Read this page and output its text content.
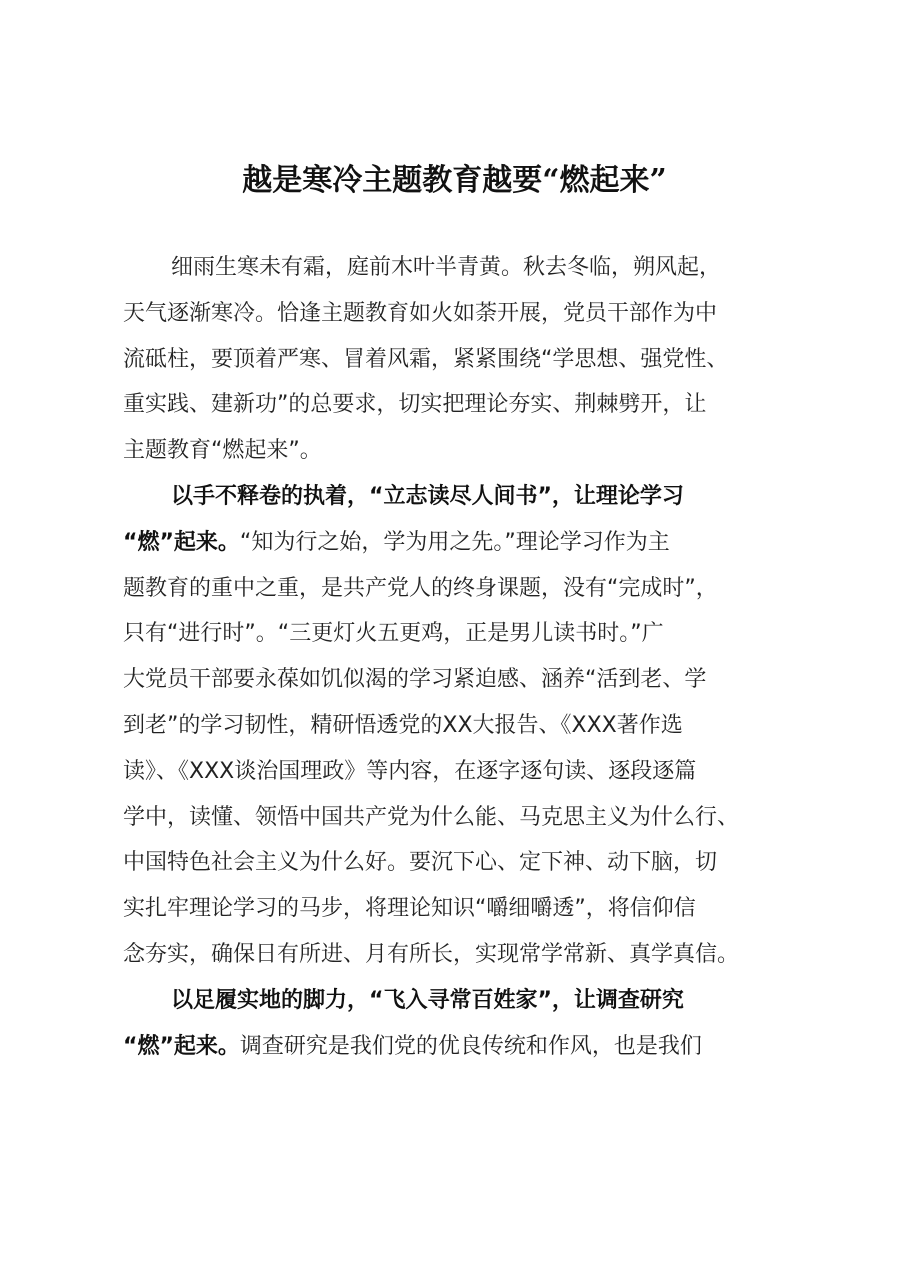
越是寒冷主题教育越要“燃起来”
细雨生寒未有霜，庭前木叶半青黄。秋去冬临，朔风起，
天气逐渐寒冷。恰逢主题教育如火如荼开展，党员干部作为中
流砥柱，要顶着严寒、冒着风霜，紧紧围绕“学思想、强党性、
重实践、建新功”的总要求，切实把理论夯实、荆棘劈开，让
主题教育“燃起来”。
以手不释卷的执着，“立志读尽人间书”，让理论学习
“燃”起来。“知为行之始，学为用之先。”理论学习作为主
题教育的重中之重，是共产党人的终身课题，没有“完成时”，
只有“进行时”。“三更灯火五更鸡，正是男儿读书时。”广
大党员干部要永葆如饥似渴的学习紧迫感、涵养“活到老、学
到老”的学习韧性，精研悟透党的XX大报告、《XXX著作选
读》、《XXX谈治国理政》等内容，在逐字逐句读、逐段逐篇
学中，读懂、领悟中国共产党为什么能、马克思主义为什么行、
中国特色社会主义为什么好。要沉下心、定下神、动下脑，切
实扎牢理论学习的马步，将理论知识“嚼细嚼透”，将信仰信
念夯实，确保日有所进、月有所长，实现常学常新、真学真信。
以足履实地的脚力，“飞入寻常百姓家”，让调查研究
“燃”起来。调查研究是我们党的优良传统和作风，也是我们
